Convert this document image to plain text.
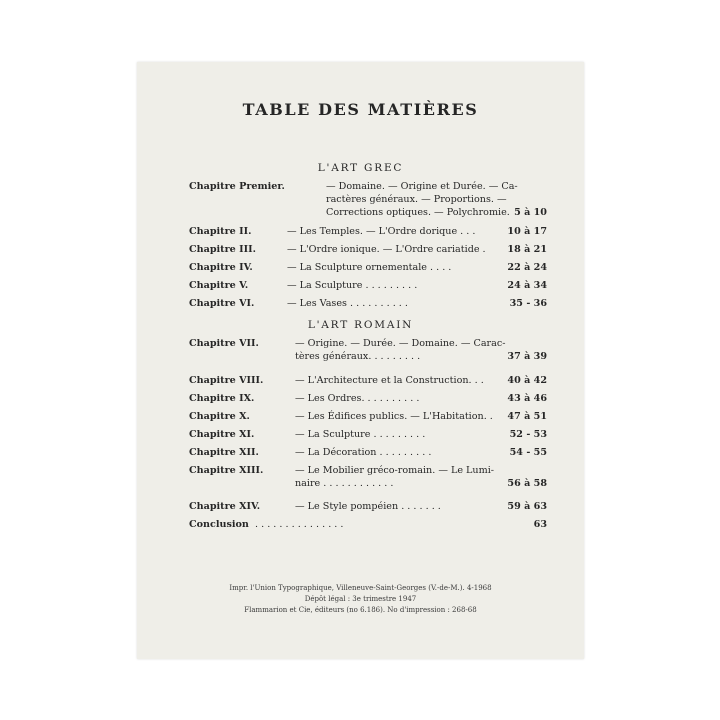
TABLE DES MATIÈRES
L'ART GREC
Chapitre Premier.	— Domaine. — Origine et Durée. — Ca-
ractères généraux. — Proportions. —
Corrections optiques. — Polychromie. 5 à 10
Chapitre II.	— Les Temples. — L'Ordre dorique . . .	10 à 17
Chapitre III.	— L'Ordre ionique. — L'Ordre cariatide .	18 à 21
Chapitre IV.	— La Sculpture ornementale . . . .	22 à 24
Chapitre V.	— La Sculpture . . . . . . . . .	24 à 34
Chapitre VI.	— Les Vases . . . . . . . . . .	35 - 36
L'ART ROMAIN
Chapitre VII.	— Origine. — Durée. — Domaine. — Carac-
tères généraux. . . . . . . . .	37 à 39
Chapitre VIII.	— L'Architecture et la Construction. . .	40 à 42
Chapitre IX.	— Les Ordres. . . . . . . . . .	43 à 46
Chapitre X.	— Les Édifices publics. — L'Habitation. . 47 à 51
Chapitre XI.	— La Sculpture . . . . . . . . .	52 - 53
Chapitre XII.	— La Décoration . . . . . . . . .	54 - 55
Chapitre XIII.	— Le Mobilier gréco-romain. — Le Lumi-
naire . . . . . . . . . . . .	56 à 58
Chapitre XIV.	— Le Style pompéien . . . . . . .	59 à 63
Conclusion . . . . . . . . . . . . . . .	63
Impr. l'Union Typographique, Villeneuve-Saint-Georges (V.-de-M.). 4-1968
Dépôt légal : 3e trimestre 1947
Flammarion et Cie, éditeurs (no 6.186). No d'impression : 268-68
